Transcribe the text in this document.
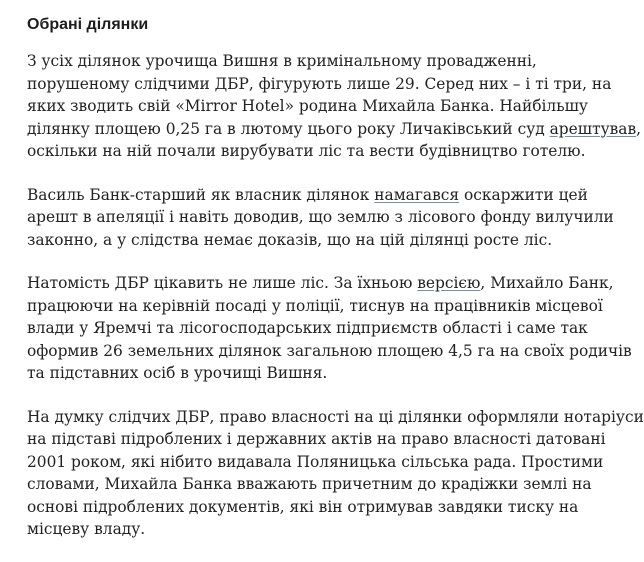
Обрані ділянки

З усіх ділянок урочища Вишня в кримінальному провадженні,
порушеному слідчими ДБР, фігурують лише 29. Серед них – і ті три, на
яких зводить свій «Mirror Hotel» родина Михайла Банка. Найбільшу
ділянку площею 0,25 га в лютому цього року Личаківський суд арештував,
оскільки на ній почали вирубувати ліс та вести будівництво готелю.

Василь Банк-старший як власник ділянок намагався оскаржити цей
арешт в апеляції і навіть доводив, що землю з лісового фонду вилучили
законно, а у слідства немає доказів, що на цій ділянці росте ліс.

Натомість ДБР цікавить не лише ліс. За їхньою версією, Михайло Банк,
працюючи на керівній посаді у поліції, тиснув на працівників місцевої
влади у Яремчі та лісогосподарських підприємств області і саме так
оформив 26 земельних ділянок загальною площею 4,5 га на своїх родичів
та підставних осіб в урочищі Вишня.

На думку слідчих ДБР, право власності на ці ділянки оформляли нотаріуси
на підставі підроблених і державних актів на право власності датовані
2001 роком, які нібито видавала Поляницька сільська рада. Простими
словами, Михайла Банка вважають причетним до крадіжки землі на
основі підроблених документів, які він отримував завдяки тиску на
місцеву владу.
